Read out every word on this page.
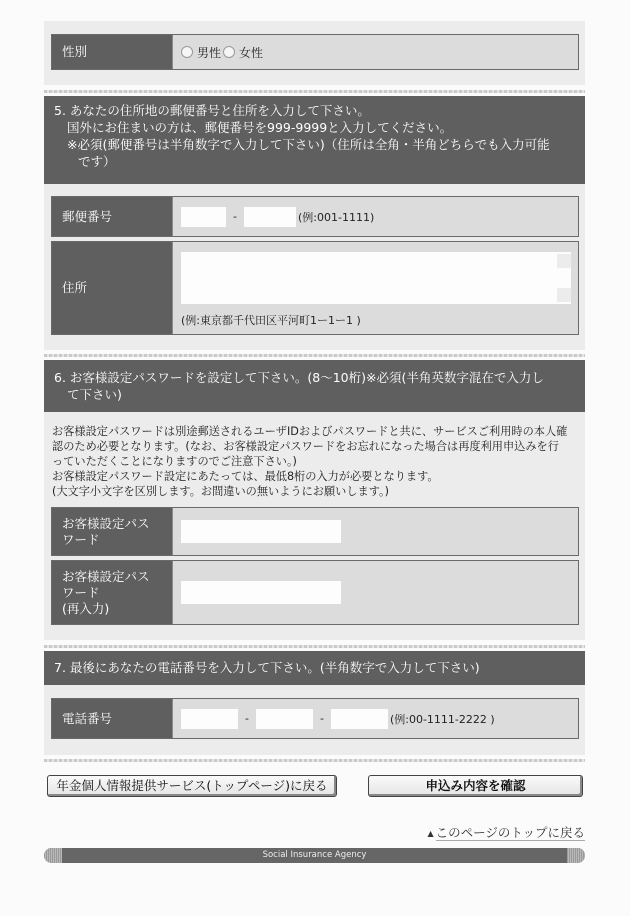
性別	男性 女性
5. あなたの住所地の郵便番号と住所を入力して下さい。
国外にお住まいの方は、郵便番号を999-9999と入力してください。
※必須(郵便番号は半角数字で入力して下さい)（住所は全角・半角どちらでも入力可能
です）
郵便番号	-	(例:001-1111)
住所
(例:東京都千代田区平河町1ー1ー1 )
6. お客様設定パスワードを設定して下さい。(8〜10桁)※必須(半角英数字混在で入力し
て下さい)
お客様設定パスワードは別途郵送されるユーザIDおよびパスワードと共に、サービスご利用時の本人確
認のため必要となります。(なお、お客様設定パスワードをお忘れになった場合は再度利用申込みを行
っていただくことになりますのでご注意下さい。)
お客様設定パスワード設定にあたっては、最低8桁の入力が必要となります。
(大文字小文字を区別します。お間違いの無いようにお願いします。)
お客様設定パス
ワード
お客様設定パス
ワード
(再入力)
7. 最後にあなたの電話番号を入力して下さい。(半角数字で入力して下さい)
電話番号	-	-	(例:00-1111-2222 )
年金個人情報提供サービス(トップページ)に戻る	申込み内容を確認
▲ このページのトップに戻る
Social Insurance Agency
